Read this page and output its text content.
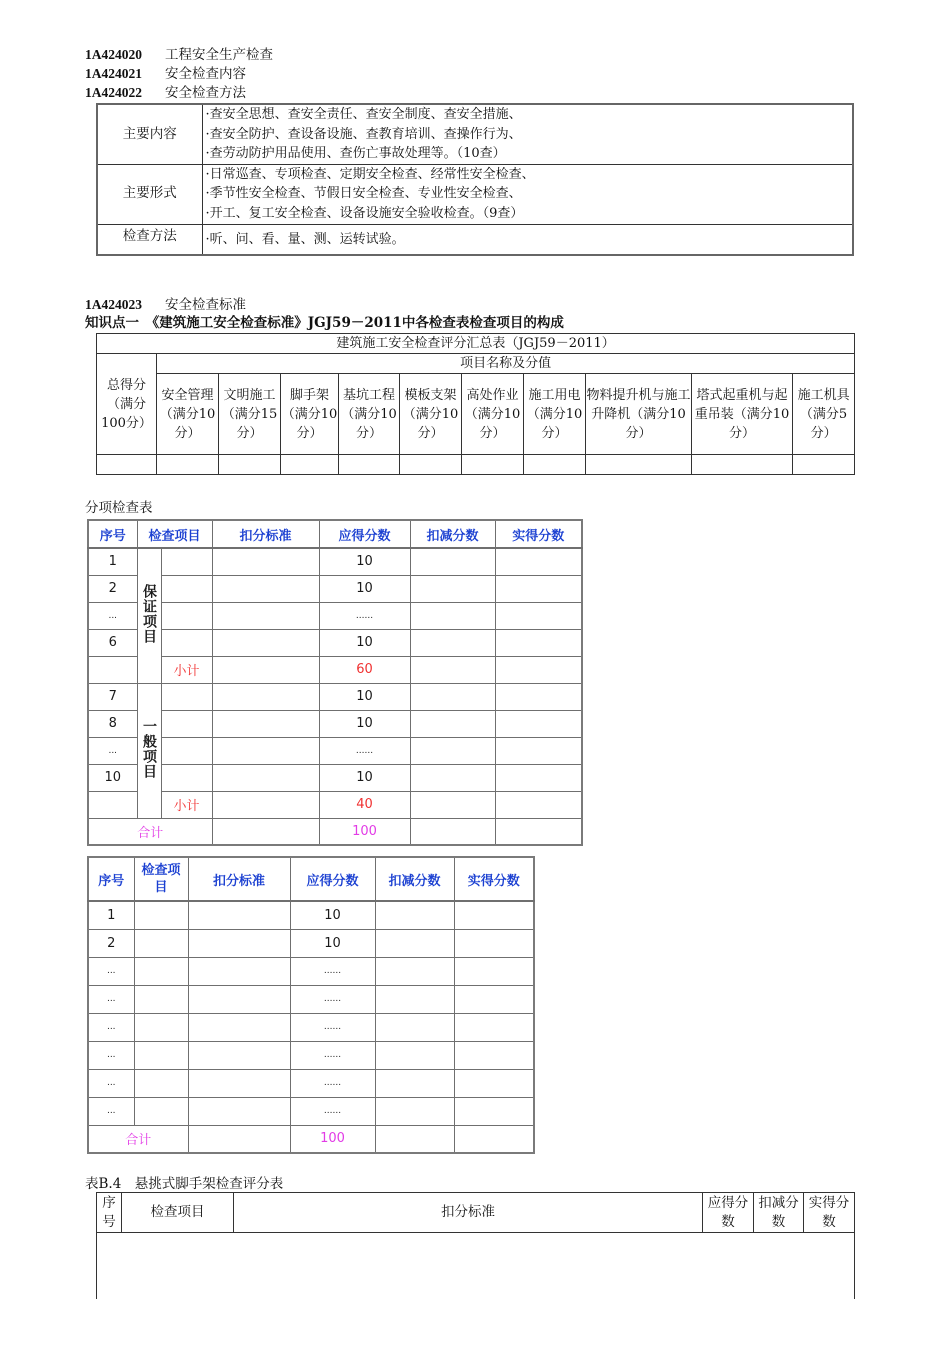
1A424020 工程安全生产检查
1A424021 安全检查内容
1A424022 安全检查方法
主要内容	·查安全思想、查安全责任、查安全制度、查安全措施、
·查安全防护、查设备设施、查教育培训、查操作行为、
·查劳动防护用品使用、查伤亡事故处理等。（10查）

主要形式	·日常巡查、专项检查、定期安全检查、经常性安全检查、
·季节性安全检查、节假日安全检查、专业性安全检查、
·开工、复工安全检查、设备设施安全验收检查。（9查）

检查方法	·听、问、看、量、测、运转试验。
1A424023 安全检查标准
知识点一　《建筑施工安全检查标准》JGJ59－2011中各检查表检查项目的构成
建筑施工安全检查评分汇总表（JGJ59－2011）										
总得分（满分100分）	项目名称及分值									
	安全管理（满分10分）	文明施工（满分15分）	脚手架（满分10分）	基坑工程（满分10分）	模板支架（满分10分）	高处作业（满分10分）	施工用电（满分10分）	物料提升机与施工升降机（满分10分）	塔式起重机与起重吊装（满分10分）	施工机具（满分5分）

分项检查表
序号	检查项目		扣分标准	应得分数	扣减分数	实得分数
1	保证项目			10		
2				10		
...				......		
6				10		
		小计		60		
7	一般项目			10		
8				10		
...				......		
10				10		
		小计		40		
合计				100		
序号	检查项目	扣分标准	应得分数	扣减分数	实得分数
1			10		
2			10		
...			......		
...			......		
...			......		
...			......		
...			......		
...			......		
合计			100		
表B.4　悬挑式脚手架检查评分表
序号	检查项目	扣分标准	应得分数	扣减分数	实得分数
